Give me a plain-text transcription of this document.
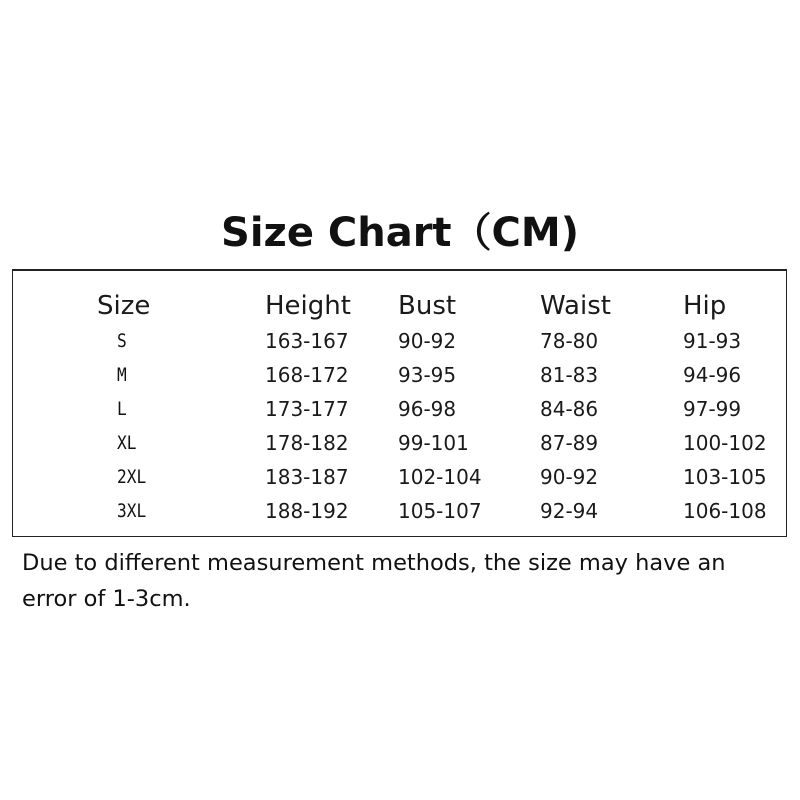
Size Chart（CM)
Size	Height Bust	Waist	Hip
S	163-167 90-92	78-80	91-93
M	168-172 93-95	81-83	94-96
L	173-177 96-98	84-86	97-99
XL	178-182 99-101	87-89	100-102
2XL	183-187 102-104	90-92	103-105
3XL	188-192 105-107	92-94	106-108

Due to different measurement methods, the size may have an
error of 1-3cm.
